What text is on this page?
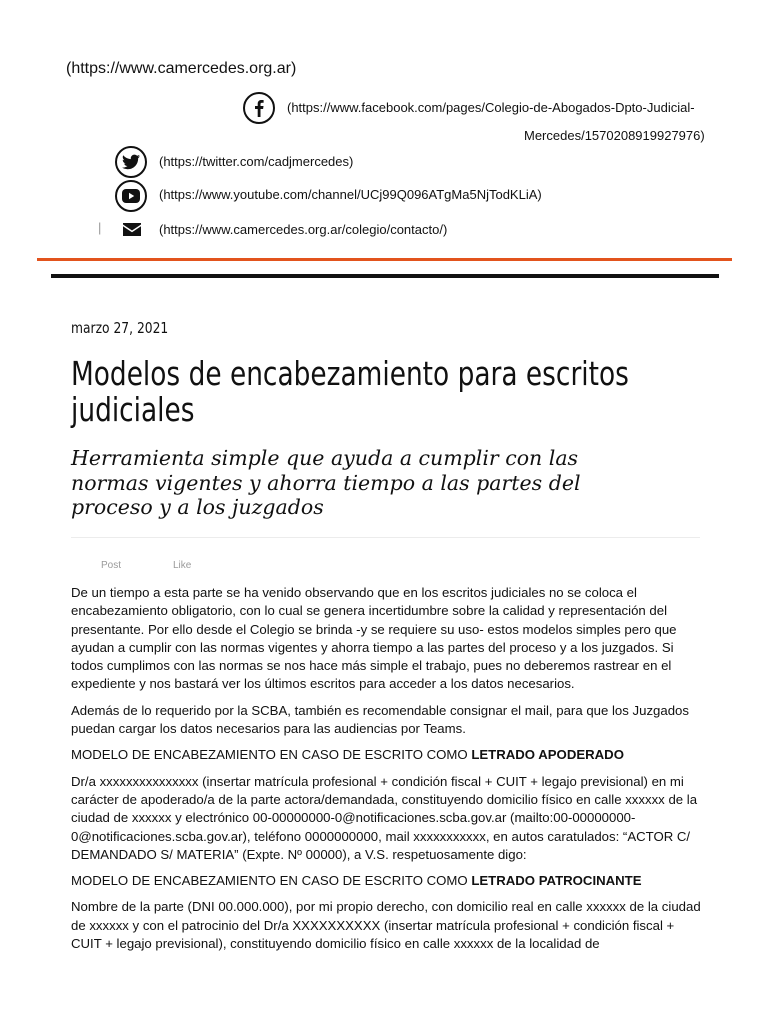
(https://www.camercedes.org.ar)
(https://www.facebook.com/pages/Colegio-de-Abogados-Dpto-Judicial-
Mercedes/1570208919927976)
(https://twitter.com/cadjmercedes)
(https://www.youtube.com/channel/UCj99Q096ATgMa5NjTodKLiA)
|	(https://www.camercedes.org.ar/colegio/contacto/)
marzo 27, 2021
Modelos de encabezamiento para escritos judiciales
Herramienta simple que ayuda a cumplir con las normas vigentes y ahorra tiempo a las partes del proceso y a los juzgados
Post	Like

De un tiempo a esta parte se ha venido observando que en los escritos judiciales no se coloca el encabezamiento obligatorio, con lo cual se genera incertidumbre sobre la calidad y representación del presentante. Por ello desde el Colegio se brinda -y se requiere su uso- estos modelos simples pero que ayudan a cumplir con las normas vigentes y ahorra tiempo a las partes del proceso y a los juzgados. Si todos cumplimos con las normas se nos hace más simple el trabajo, pues no deberemos rastrear en el expediente y nos bastará ver los últimos escritos para acceder a los datos necesarios.

Además de lo requerido por la SCBA, también es recomendable consignar el mail, para que los Juzgados puedan cargar los datos necesarios para las audiencias por Teams.

MODELO DE ENCABEZAMIENTO EN CASO DE ESCRITO COMO LETRADO APODERADO

Dr/a xxxxxxxxxxxxxxx (insertar matrícula profesional + condición fiscal + CUIT + legajo previsional) en mi carácter de apoderado/a de la parte actora/demandada, constituyendo domicilio físico en calle xxxxxx de la ciudad de xxxxxx y electrónico 00-00000000-0@notificaciones.scba.gov.ar (mailto:00-00000000-0@notificaciones.scba.gov.ar), teléfono 0000000000, mail xxxxxxxxxxx, en autos caratulados: “ACTOR C/ DEMANDADO S/ MATERIA” (Expte. Nº 00000), a V.S. respetuosamente digo:

MODELO DE ENCABEZAMIENTO EN CASO DE ESCRITO COMO LETRADO PATROCINANTE

Nombre de la parte (DNI 00.000.000), por mi propio derecho, con domicilio real en calle xxxxxx de la ciudad de xxxxxx y con el patrocinio del Dr/a XXXXXXXXXX (insertar matrícula profesional + condición fiscal + CUIT + legajo previsional), constituyendo domicilio físico en calle xxxxxx de la localidad de
